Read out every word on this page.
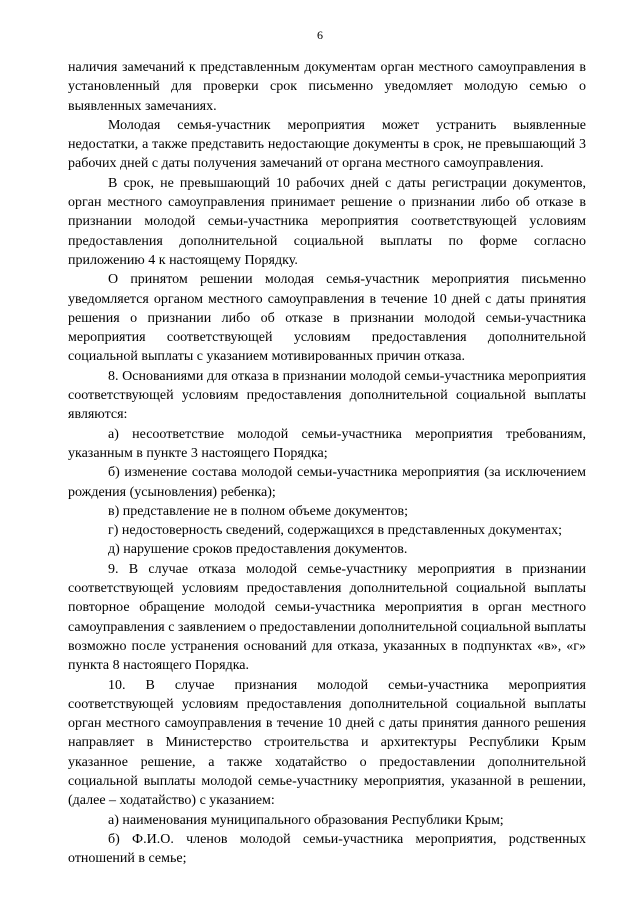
6

наличия замечаний к представленным документам орган местного самоуправления в установленный для проверки срок письменно уведомляет молодую семью о выявленных замечаниях.

Молодая семья-участник мероприятия может устранить выявленные недостатки, а также представить недостающие документы в срок, не превышающий 3 рабочих дней с даты получения замечаний от органа местного самоуправления.

В срок, не превышающий 10 рабочих дней с даты регистрации документов, орган местного самоуправления принимает решение о признании либо об отказе в признании молодой семьи-участника мероприятия соответствующей условиям предоставления дополнительной социальной выплаты по форме согласно приложению 4 к настоящему Порядку.

О принятом решении молодая семья-участник мероприятия письменно уведомляется органом местного самоуправления в течение 10 дней с даты принятия решения о признании либо об отказе в признании молодой семьи-участника мероприятия соответствующей условиям предоставления дополнительной социальной выплаты с указанием мотивированных причин отказа.

8. Основаниями для отказа в признании молодой семьи-участника мероприятия соответствующей условиям предоставления дополнительной социальной выплаты являются:

а) несоответствие молодой семьи-участника мероприятия требованиям, указанным в пункте 3 настоящего Порядка;

б) изменение состава молодой семьи-участника мероприятия (за исключением рождения (усыновления) ребенка);

в) представление не в полном объеме документов;

г) недостоверность сведений, содержащихся в представленных документах;

д) нарушение сроков предоставления документов.

9. В случае отказа молодой семье-участнику мероприятия в признании соответствующей условиям предоставления дополнительной социальной выплаты повторное обращение молодой семьи-участника мероприятия в орган местного самоуправления с заявлением о предоставлении дополнительной социальной выплаты возможно после устранения оснований для отказа, указанных в подпунктах «в», «г» пункта 8 настоящего Порядка.

10. В случае признания молодой семьи-участника мероприятия соответствующей условиям предоставления дополнительной социальной выплаты орган местного самоуправления в течение 10 дней с даты принятия данного решения направляет в Министерство строительства и архитектуры Республики Крым указанное решение, а также ходатайство о предоставлении дополнительной социальной выплаты молодой семье-участнику мероприятия, указанной в решении, (далее – ходатайство) с указанием:

а) наименования муниципального образования Республики Крым;

б) Ф.И.О. членов молодой семьи-участника мероприятия, родственных отношений в семье;
